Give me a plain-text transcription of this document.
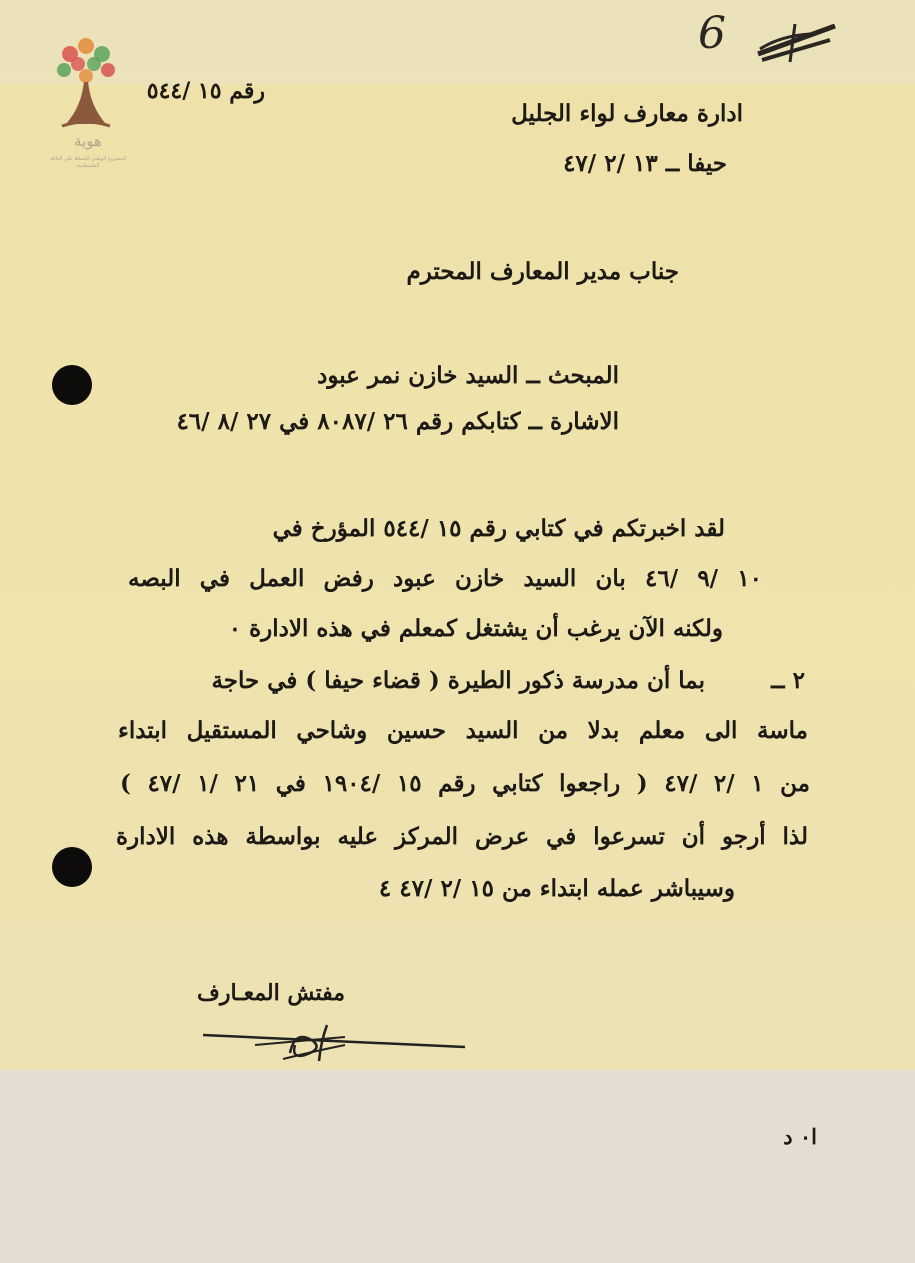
هوية
المشروع الوطني للحفاظ على العائلة الفلسطينية
6
رقم ١٥ /٥٤٤
ادارة معارف لواء الجليل
حيفا ــ ١٣ /٢ /٤٧
جناب مدير المعارف المحترم
المبحث ــ السيد خازن نمر عبود
الاشارة ــ كتابكم رقم ٢٦ /٨٠٨٧ في ٢٧ /٨ /٤٦
لقد اخبرتكم في كتابي رقم ١٥ /٥٤٤ المؤرخ في
١٠ /٩ /٤٦ بان السيد خازن عبود رفض العمل في البصه
ولكنه الآن يرغب أن يشتغل كمعلم في هذه الادارة ٠
٢ ــ
بما أن مدرسة ذكور الطيرة ( قضاء حيفا ) في حاجة
ماسة الى معلم بدلا من السيد حسين وشاحي المستقيل ابتداء
من ١ /٢ /٤٧ ( راجعوا كتابي رقم ١٥ /١٩٠٤ في ٢١ /١ /٤٧ )
لذا أرجو أن تسرعوا في عرض المركز عليه بواسطة هذه الادارة
وسيباشر عمله ابتداء من ١٥ /٢ /٤٧ ٤
مفتش المعـارف
ا٠ د
